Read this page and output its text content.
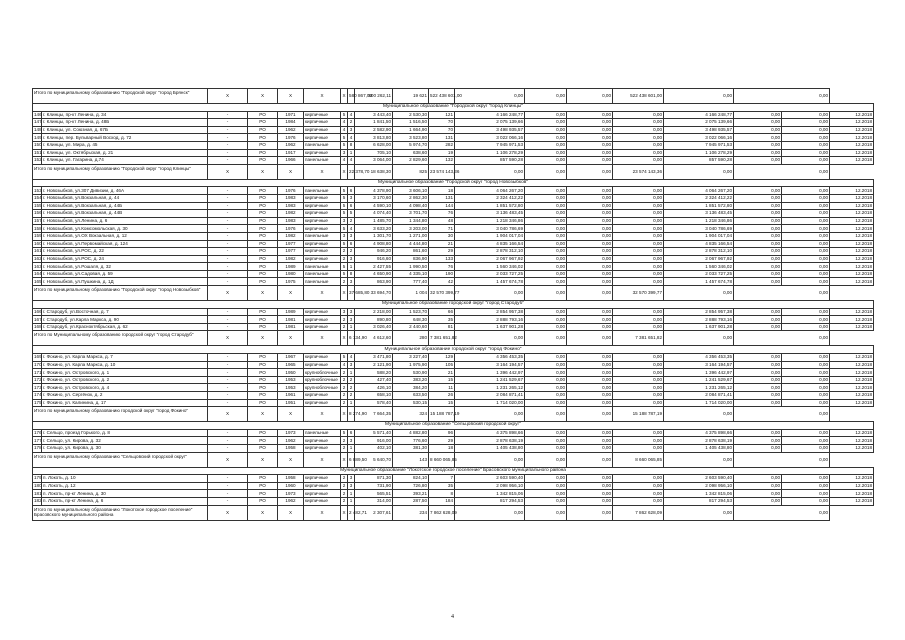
Итого по муниципальному образованию "Городской округ "город Брянск"		X	X	X	X	X	580 867,00	500 262,11	19 621	522 438 601,00	0,00	0,00	0,00	522 438 601,00	0,00	0,00		
Муниципальное образование "Городской округ "город Клинцы"																		
146	г. Клинцы, пр-кт Ленина, д. 34	-	РО	1971	кирпичные	5	4	3 443,40	2 530,30	121	4 166 248,77	0,00	0,00	0,00	4 166 248,77	0,00	0,00	12.2018
147	г. Клинцы, пр-кт Ленина, д. 48Б	-	РО	1984	кирпичные	4	2	1 841,50	1 516,50	70	2 075 139,66	0,00	0,00	0,00	2 075 139,66	0,00	0,00	12.2018
148	г. Клинцы, ул. Союзная, д. 67Б	-	РО	1962	кирпичные	4	3	2 582,90	1 664,90	70	3 498 935,57	0,00	0,00	0,00	3 498 935,57	0,00	0,00	12.2018
149	г. Клинцы, пер. Бульварный Восход, д. 72	-	РО	1976	кирпичные	5	4	3 813,80	3 523,80	131	3 022 066,16	0,00	0,00	0,00	3 022 066,16	0,00	0,00	12.2018
150	г. Клинцы, ул. Мира, д. 45	-	РО	1962	панельные	5	8	6 628,00	5 974,70	282	7 945 971,53	0,00	0,00	0,00	7 945 971,53	0,00	0,00	12.2018
151	г. Клинцы, ул. Октябрьская, д. 21	-	РО	1917	кирпичные	3	1	705,10	638,60	19	1 106 278,29	0,00	0,00	0,00	1 106 278,29	0,00	0,00	12.2018
152	г. Клинцы, ул. Гагарина, д.74	-	РО	1966	панельные	4	4	3 064,00	2 829,60	132	857 590,28	0,00	0,00	0,00	857 590,28	0,00	0,00	12.2018
Итого по муниципальному образованию "Городской округ "город Клинцы"		X	X	X	X	X	22 378,70	18 638,30	825	23 574 143,36	0,00	0,00	0,00	23 574 143,36	0,00	0,00		
Муниципальное образование "Городской округ "город Новозыбков"																		
153	г. Новозыбков, ул.307 Дивизии, д. 46А	-	РО	1976	панельные	5	6	4 378,90	3 606,10	18	4 064 267,20	0,00	0,00	0,00	4 064 267,20	0,00	0,00	12.2018
154	г. Новозыбков, ул.Вокзальная, д. 44	-	РО	1983	кирпичные	5	3	3 170,60	2 862,30	131	2 324 412,22	0,00	0,00	0,00	2 324 412,22	0,00	0,00	12.2018
155	г. Новозыбков, ул.Вокзальная, д. 44Б	-	РО	1983	кирпичные	5	6	4 590,10	4 098,40	144	1 851 572,80	0,00	0,00	0,00	1 851 572,80	0,00	0,00	12.2018
156	г. Новозыбков, ул.Вокзальная, д. 44В	-	РО	1982	кирпичные	5	5	4 074,40	3 701,70	76	3 136 483,45	0,00	0,00	0,00	3 136 483,45	0,00	0,00	12.2018
157	г. Новозыбков, ул.Ленина, д. 6	-	РО	1983	кирпичные	3	2	1 485,70	1 344,80	48	1 218 346,86	0,00	0,00	0,00	1 218 346,86	0,00	0,00	12.2018
158	г. Новозыбков, ул.Комсомольская, д. 30	-	РО	1976	кирпичные	5	4	3 633,20	3 203,00	71	3 040 786,69	0,00	0,00	0,00	3 040 786,69	0,00	0,00	12.2018
159	г. Новозыбков, ул.ОХ Вокзальная, д. 12	-	РО	1982	панельные	3	3	1 301,70	1 271,00	30	1 904 017,04	0,00	0,00	0,00	1 904 017,04	0,00	0,00	12.2018
160	г. Новозыбков, ул.Первомайская, д. 124	-	РО	1977	кирпичные	5	6	4 908,80	4 444,80	21	4 835 166,54	0,00	0,00	0,00	4 835 166,54	0,00	0,00	12.2018
161	г. Новозыбков, ул.РОС, д. 22	-	РО	1977	кирпичные	2	2	946,20	861,60	29	2 878 312,10	0,00	0,00	0,00	2 878 312,10	0,00	0,00	12.2018
162	г. Новозыбков, ул.РОС, д. 24	-	РО	1982	кирпичные	2	3	916,60	836,90	133	2 067 967,92	0,00	0,00	0,00	2 067 967,92	0,00	0,00	12.2018
163	г. Новозыбков, ул.Рошаля, д. 32	-	РО	1989	панельные	5	1	2 427,55	1 990,50	76	1 560 346,02	0,00	0,00	0,00	1 560 346,02	0,00	0,00	12.2018
164	г. Новозыбков, ул.Садовая, д. 59	-	РО	1980	панельные	5	8	4 650,90	4 335,10	190	2 033 727,25	0,00	0,00	0,00	2 033 727,25	0,00	0,00	12.2018
165	г. Новозыбков, ул.Пушкина, д. 1Д	-	РО	1975	панельные	2	3	863,90	777,40	42	1 457 674,78	0,00	0,00	0,00	1 457 674,78	0,00	0,00	12.2018
Итого по муниципальному образованию "Городской округ "город Новозыбков"		X	X	X	X	X	37 685,80	33 694,70	1 004	32 570 399,77	0,00	0,00	0,00	32 570 399,77	0,00	0,00		
Муниципальное образование городской округ "город Стародуб"																		
166	г. Стародуб, ул.Восточная, д. 7	-	РО	1989	кирпичные	3	3	2 218,00	1 523,70	66	2 854 957,38	0,00	0,00	0,00	2 854 957,38	0,00	0,00	12.2018
167	г. Стародуб, ул.Карла Маркса, д. 90	-	РО	1981	кирпичные	2	3	890,80	648,30	35	2 888 793,16	0,00	0,00	0,00	2 888 793,16	0,00	0,00	12.2018
168	г. Стародуб, ул.Красноктябрьская, д. 62	-	РО	1981	кирпичные	2	1	3 026,40	2 440,60	81	1 637 901,28	0,00	0,00	0,00	1 637 901,28	0,00	0,00	12.2018
Итого по Муниципальному образованию городской округ "город Стародуб"		X	X	X	X	X	6 134,90	4 612,60	280	7 381 651,82	0,00	0,00	0,00	7 381 651,82	0,00	0,00		
Муниципальное образование городской округ "город Фокино"																		
169	г. Фокино, ул. Карла Маркса, д. 7	-	РО	1967	кирпичные	5	4	3 471,80	3 227,40	129	4 356 453,35	0,00	0,00	0,00	4 356 453,35	0,00	0,00	12.2018
170	г. Фокино, ул. Карла Маркса, д. 10	-	РО	1965	кирпичные	4	3	2 121,90	1 975,90	105	3 164 194,57	0,00	0,00	0,00	3 164 194,57	0,00	0,00	12.2018
171	г. Фокино, ул. Островского, д. 1	-	РО	1950	крупноблочные	2	1	588,20	530,90	21	1 396 442,97	0,00	0,00	0,00	1 396 442,97	0,00	0,00	12.2018
172	г. Фокино, ул. Островского, д. 2	-	РО	1953	крупноблочные	2	2	427,40	383,20	15	1 241 529,67	0,00	0,00	0,00	1 241 529,67	0,00	0,00	12.2018
173	г. Фокино, ул. Островского, д. 4	-	РО	1953	крупноблочные	2	2	426,10	384,20	11	1 231 265,12	0,00	0,00	0,00	1 231 265,12	0,00	0,00	12.2018
174	г. Фокино, ул. Сергёнок, д. 2	-	РО	1961	кирпичные	2	2	658,10	633,50	26	2 084 871,41	0,00	0,00	0,00	2 084 871,41	0,00	0,00	12.2018
175	г. Фокино, ул. Калинина, д. 17	-	РО	1951	кирпичные	2	1	578,40	530,15	15	1 714 020,00	0,00	0,00	0,00	1 714 020,00	0,00	0,00	12.2018
Итого по муниципальному образованию городской округ "город Фокино"		X	X	X	X	X	8 274,90	7 664,35	324	15 188 787,19	0,00	0,00	0,00	15 188 787,19	0,00	0,00		
Муниципальное образование "Сельцовский городской округ"																		
176	г. Сельцо, проезд Горького, д. 8	-	РО	1973	панельные	5	6	5 571,40	4 882,80	96	4 375 898,66	0,00	0,00	0,00	4 375 898,66	0,00	0,00	12.2018
177	г. Сельцо, ул. Кирова, д. 32	-	РО	1962	кирпичные	2	3	916,00	776,60	29	2 878 638,19	0,00	0,00	0,00	2 878 638,19	0,00	0,00	12.2018
178	г. Сельцо, ул. Кирова, д. 30	-	РО	1958	кирпичные	2	1	402,10	381,30	18	1 405 438,80	0,00	0,00	0,00	1 405 438,80	0,00	0,00	12.2018
Итого по муниципальному образованию "Сельцовский городской округ"		X	X	X	X	X	6 889,50	5 640,70	143	8 660 065,85	0,00	0,00	0,00	8 660 065,85	0,00	0,00		
Муниципальное образование "Локотское городское поселение" Брасовского муниципального района																		
179	п. Локоть, д. 10	-	РО	1958	кирпичные	2	3	871,30	824,10	7	2 603 590,40	0,00	0,00	0,00	2 603 590,40	0,00	0,00	12.2018
180	п. Локоть, д. 12	-	РО	1960	кирпичные	2	3	731,90	726,80	35	2 098 956,10	0,00	0,00	0,00	2 098 956,10	0,00	0,00	12.2018
181	п. Локоть, пр-кт Ленина, д. 30	-	РО	1973	кирпичные	2	1	565,51	393,21	8	1 342 815,06	0,00	0,00	0,00	1 342 815,06	0,00	0,00	12.2018
182	п. Локоть, пр-кт Ленина, д. 6	-	РО	1962	кирпичные	2	1	314,00	287,50	184	817 294,53	0,00	0,00	0,00	817 294,53	0,00	0,00	12.2018
Итого по муниципальному образованию "Локотское городское поселение" Брасовского муниципального района		X	X	X	X	X	2 482,71	2 307,61	234	7 862 628,09	0,00	0,00	0,00	7 862 628,09	0,00	0,00		
4
